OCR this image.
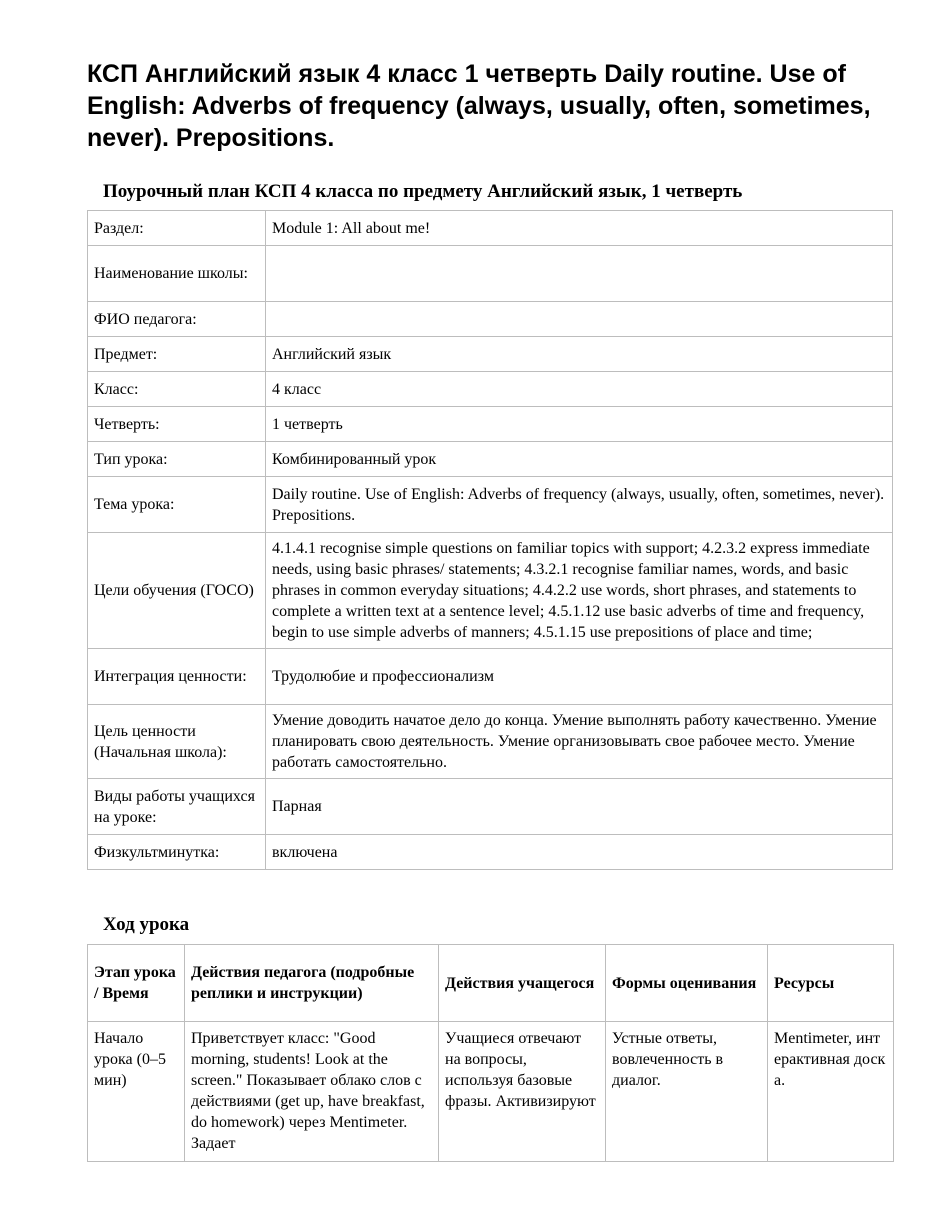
КСП Английский язык 4 класс 1 четверть Daily routine. Use of English: Adverbs of frequency (always, usually, often, sometimes, never). Prepositions.
Поурочный план КСП 4 класса по предмету Английский язык, 1 четверть
Раздел:	Module 1: All about me!
Наименование школы:	
ФИО педагога:	
Предмет:	Английский язык
Класс:	4 класс
Четверть:	1 четверть
Тип урока:	Комбинированный урок
Тема урока:	Daily routine. Use of English: Adverbs of frequency (always, usually, often, sometimes, never). Prepositions.
Цели обучения (ГОСО)	4.1.4.1 recognise simple questions on familiar topics with support; 4.2.3.2 express immediate needs, using basic phrases/ statements; 4.3.2.1 recognise familiar names, words, and basic phrases in common everyday situations; 4.4.2.2 use words, short phrases, and statements to complete a written text at a sentence level; 4.5.1.12 use basic adverbs of time and frequency, begin to use simple adverbs of manners; 4.5.1.15 use prepositions of place and time;
Интеграция ценности:	Трудолюбие и профессионализм
Цель ценности (Начальная школа):	Умение доводить начатое дело до конца. Умение выполнять работу качественно. Умение планировать свою деятельность. Умение организовывать свое рабочее место. Умение работать самостоятельно.
Виды работы учащихся на уроке:	Парная
Физкультминутка:	включена
Ход урока
Этап урока / Время	Действия педагога (подробные реплики и инструкции)	Действия учащегося	Формы оценивания	Ресурсы

Начало урока (0–5 мин)	Приветствует класс: "Good morning, students! Look at the screen." Показывает облако слов с действиями (get up, have breakfast, do homework) через Mentimeter. Задает	Учащиеся отвечают на вопросы, используя базовые фразы. Активизируют	Устные ответы, вовлеченность в диалог.	Mentimeter, интерактивная доска.
